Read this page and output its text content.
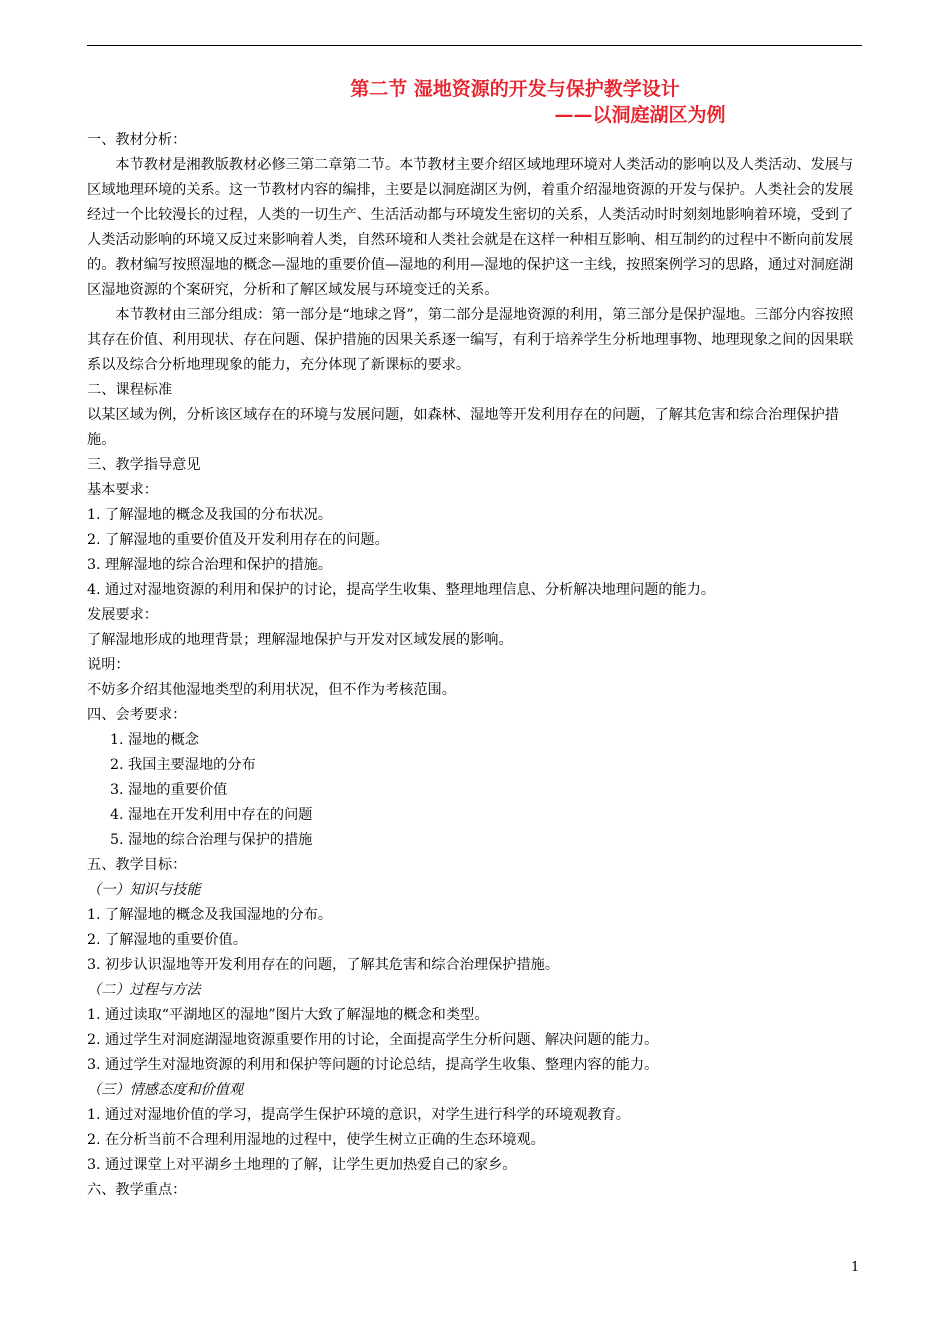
第二节 湿地资源的开发与保护教学设计
——以洞庭湖区为例

一、教材分析：

本节教材是湘教版教材必修三第二章第二节。本节教材主要介绍区域地理环境对人类活动的影响以及人类活动、发展与区域地理环境的关系。这一节教材内容的编排，主要是以洞庭湖区为例，着重介绍湿地资源的开发与保护。人类社会的发展经过一个比较漫长的过程，人类的一切生产、生活活动都与环境发生密切的关系，人类活动时时刻刻地影响着环境，受到了人类活动影响的环境又反过来影响着人类，自然环境和人类社会就是在这样一种相互影响、相互制约的过程中不断向前发展的。教材编写按照湿地的概念—湿地的重要价值—湿地的利用—湿地的保护这一主线，按照案例学习的思路，通过对洞庭湖区湿地资源的个案研究，分析和了解区域发展与环境变迁的关系。

本节教材由三部分组成：第一部分是“地球之肾”，第二部分是湿地资源的利用，第三部分是保护湿地。三部分内容按照其存在价值、利用现状、存在问题、保护措施的因果关系逐一编写，有利于培养学生分析地理事物、地理现象之间的因果联系以及综合分析地理现象的能力，充分体现了新课标的要求。

二、课程标准

以某区域为例，分析该区域存在的环境与发展问题，如森林、湿地等开发利用存在的问题，了解其危害和综合治理保护措施。

三、教学指导意见

基本要求：

1. 了解湿地的概念及我国的分布状况。

2. 了解湿地的重要价值及开发利用存在的问题。

3. 理解湿地的综合治理和保护的措施。

4. 通过对湿地资源的利用和保护的讨论，提高学生收集、整理地理信息、分析解决地理问题的能力。

发展要求：

了解湿地形成的地理背景；理解湿地保护与开发对区域发展的影响。

说明：

不妨多介绍其他湿地类型的利用状况，但不作为考核范围。

四、会考要求：

1. 湿地的概念

2. 我国主要湿地的分布

3. 湿地的重要价值

4. 湿地在开发利用中存在的问题

5. 湿地的综合治理与保护的措施

五、教学目标：

（一）知识与技能

1. 了解湿地的概念及我国湿地的分布。

2. 了解湿地的重要价值。

3. 初步认识湿地等开发利用存在的问题，了解其危害和综合治理保护措施。

（二）过程与方法

1. 通过读取“平湖地区的湿地”图片大致了解湿地的概念和类型。

2. 通过学生对洞庭湖湿地资源重要作用的讨论，全面提高学生分析问题、解决问题的能力。

3. 通过学生对湿地资源的利用和保护等问题的讨论总结，提高学生收集、整理内容的能力。

（三）情感态度和价值观

1. 通过对湿地价值的学习，提高学生保护环境的意识，对学生进行科学的环境观教育。

2. 在分析当前不合理利用湿地的过程中，使学生树立正确的生态环境观。

3. 通过课堂上对平湖乡土地理的了解，让学生更加热爱自己的家乡。

六、教学重点：

1
